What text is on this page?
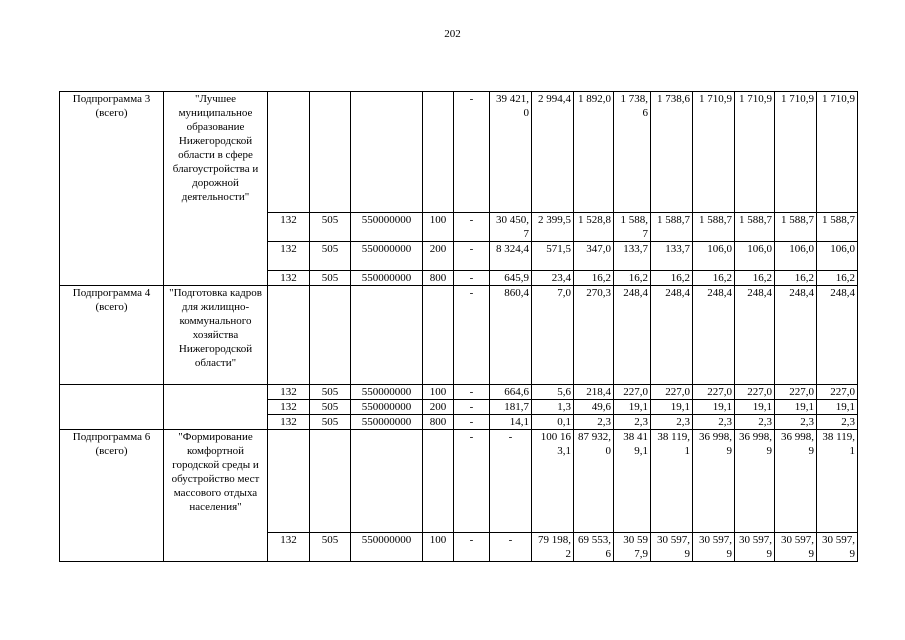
202
Подпрограмма 3 (всего)	"Лучшее муниципальное образование Нижегородской области в сфере благоустройства и дорожной деятельности"					-	39 421,0	2 994,4	1 892,0	1 738,6	1 738,6	1 710,9	1 710,9	1 710,9	1 710,9
		132	505	550000000	100	-	30 450,7	2 399,5	1 528,8	1 588,7	1 588,7	1 588,7	1 588,7	1 588,7	1 588,7
		132	505	550000000	200	-	8 324,4	571,5	347,0	133,7	133,7	106,0	106,0	106,0	106,0
		132	505	550000000	800	-	645,9	23,4	16,2	16,2	16,2	16,2	16,2	16,2	16,2
Подпрограмма 4 (всего)	"Подготовка кадров для жилищно-коммунального хозяйства Нижегородской области"					-	860,4	7,0	270,3	248,4	248,4	248,4	248,4	248,4	248,4
		132	505	550000000	100	-	664,6	5,6	218,4	227,0	227,0	227,0	227,0	227,0	227,0
		132	505	550000000	200	-	181,7	1,3	49,6	19,1	19,1	19,1	19,1	19,1	19,1
		132	505	550000000	800	-	14,1	0,1	2,3	2,3	2,3	2,3	2,3	2,3	2,3
Подпрограмма 6 (всего)	"Формирование комфортной городской среды и обустройство мест массового отдыха населения"					-	-	100 163,1	87 932,0	38 419,1	38 119,1	36 998,9	36 998,9	36 998,9	38 119,1
		132	505	550000000	100	-	-	79 198,2	69 553,6	30 597,9	30 597,9	30 597,9	30 597,9	30 597,9	30 597,9
